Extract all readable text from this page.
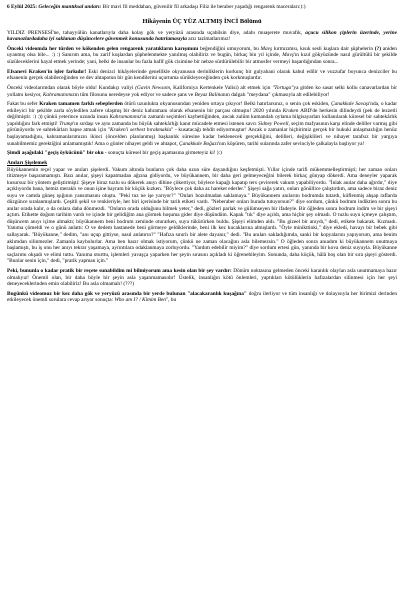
6 Eylül 2025: Geleceğin mantıksal anıları: Bir mavi fil meddahan, güvenilir fil arkadaşı Filiz ile beraber yaşadığı rengarenk maceraları:):)

Hikâyenin ÜÇ YÜZ ALTMIŞ İNCİ Bölümü

YILDIZ PRENSESİ'ne, tahayyülün kanatlarıyla daha kolay gök ve yeryüzü arasında uçabilsin diye, adabı muaşerete muvafık, açucu silikon çiplerin üzerinde, yerine kavanozlardadaha iyi saklanan düşüncelere güvenmek konusunda hatırlamasıyla arzı tazimatlarımız!

Önceki videomda her türden ve kökenden gelen rengarenk yaratıkların karışımını beğendiğini umuyorum, bu Mavş kırmızımsı, kısık sesli kuşlara dair şüphelerin (?) aniden uyanmış olsa bile... :) :) Sanırım ama, bu zarif kuşlardan şüphelenmekte yanılmış olabiliriz ve bugün, birkaç bin yıl içinde, Mavş'ın kızıl gökyüzünde nasıl gürültülü bir şekilde süzüleceklerini hayal etmek yerinde; yani, belki de insanlar bu fazla hafif gök cisimine bir nebze sürdürülebilir bir atmosfer vermeyi başardığından sonra...

Efsanevi Kraken'in işler farkıdır! Eski denizci hikâyelerinde genellikle okyanusun derinliklerin korkunç bir gulyabani olarak kabul edilir ve vuzzufar boyunca denizciler bu efsanenin gerçek olabileceğinden ve dev ahtapotun bir gün kendilerini uçurtuma sürükleyeceğinden çok korkmuşlardır.

Önceki videolarımdan olarak böyle oldu! Kundakçı valiyi (Gavin Newsom, Kaliforniya Kertenkele Valisi) alt etmek için "Tortuga"ya gitden ko sasat selki kollu canavarlardan bir yollamı kesiyor, Kahramanımızın tüm filosunu neredeyse yok ediyor ve sadece şans ve Beyaz Balinanın dalgalı "meydana" çıkmasıyla alt edilebiliyor!

Fakat bu sefer Kraken tamamen farklı sebeplerden ötürü uzunlukta okyanusundan yeniden ortaya çıkıyor! Belki hatırlarsınız, o senin çok eskiden, Çanakkale Savaşı'nda, o kadar etkileyici bir şekilde zarla söyledilen zafere ulaşmış bir deniz kahramanı olarak efsanenin bir parçası olmuştu! 2020 yılında Kraken ABD'de herkesin dilindeydi (pek de lezzetli değilmiştir. :) :)) çünkü yeterince uzunda insan Kahramanımız'ın zamanlı seçimleri kaybettiğinden, ancak zulüm kumandalı oylama bilgisayarları kullanılarak küresel bir sahtekârlık yapıldığını fark etmişti! Trump'ın sırdaşı ve aynı zamanda bu büyük sahtekârlığı kanıt mücadele etmesi istenen savcı Sidney Powell, seçim mafyasının karşı elinde deliller varmış gibi görünüyordu ve sahtekârları hapse atmak için "Kraken'i serbest bırakmakla" - kusatacağı tehdit ediyormuştur! Ancak o zamanlar hiçbirimiz gerçek bir hukuki anlaşmazlığın henüz başlayamadığını, kahramanlarımızın ikinci (öncelden planlanmış) başkanlık süresine kadar beklenecek gerçekliğini, delilleri, değişiklileri ve nihayet tarafsız bir yargıya sunabilmemiz gerektiğini anlamamıştık! Ama o günler nihayet geldi ve ahtapot, Çanakkale Boğazı'nın köpüren, tarihi sularında zafer sevinciyle çalkalayla başlıyor ya!

Şimdi aşağıdaki "geçiş öykücünü" bir oku - sonuçta küresel bir geçiş aşamasına girmeteyiz ki! ):)

Anıları Şişelemek

Büyükannenin reçel yapar ve anıları şişelerdi. Vakum altında bunların çok daha uzun süre dayandığını keşfetmişti. Yıllar içinde tarifi mükemmelleştirmişti; her zaman onları titizmeye başaramamıştı. Bazı anılar, şişeyi kapatmadan ağzına gidiyordu, ve büyükannem, bir daha geri gelmeyeceğini bilerek birkaç günyap dökerdi. Ama deneyler yaparak kusursuz bir yöntem geliştirmişti: Şişeye biraz tuzlu su dökerek anıyı dibine çökertiyor, böylece kapağı kapatıp ters çevirerek vakum yapabiliyordu. "İnlak anılar daha ağırdır," diye açıklıyordu bana, hemiz meraklı ve onun işine bayram bir küçük kızken. "Böylece çok daha az hareket ederler." Şişeyi sağa yatırı, onları gönüllice çalıştırdım, ama sadece biraz deniz suyu ve camda güneş ışığının yansımasını oluştu. "Peki tuz ne işe yarıyor?" "Onları bozulmadan saklamaya." Büyükannem anılarını bodrumda tutardı, küflenmiş ahşap raflarda düzgünce sıralanmışlardı. Çeşitli şekil ve renkleriyle, her biri içerisinde bir tarih etiketi vardı. "Neberaber onları burada tutuyorsun?" diye sordum, çünkü bodrum indiktien sonra bu anılar orada kalır, o da onlara daha dönmezdi. "Onların orada olduğunu bilmek yeter," dedi, gözleri parlak ve gülümseyen bir ifadeyle. Bir öğleden sonra bodrum indim ve bir şişeyi açtım. Etikette doğum tarihim vardı ve içinde bir gelidiğim ana görmek hoşuma gider diye düşündüm. Kapak "tık" diye açıldı, ama hiçbir şey olmadı. O tuzlu suyu içmeye çalıştım, düşüncem anıyı içime almaktı; büyükannem beni bodrum zeminde oturarken, suyu tükürürken buldu. Şişeyi elimden aldı. "Bu gizeel bir anıydı," dedi, etikete bakarak. Kızmadı. Yanıma çömeldi ve o günü anlattı: O ve dedem hastanede beni görmeye geldiklerinde, beni ilk kez kucaklarına almışlardı. "Öyle minikttinki," diye ekledi, havayı bir bebek gibi sallayarak. "Büyükanne," dedim, "anı uçup gittiyse, nasıl anlatırın?" "Hafıza sınırlı bir alete dayanır," dedi. "Bu anıları sakladığımda, sanki bir kopyalarını yapıyorum, ama benim aklımdan silinmezler. Zamanla kaybolurlar. Ama ben hazır olmak istiyorum, çünkü ne zaman olacağını asla bilemezsin." O öğleden sonra anıadım ki büyükannem unutmaya başlamıştı, bu iş onu her anıyı tekrar yaşamaya, ayrıntılara odaklanmaya zorluyordu. "Yardım edebilir miyim?" diye sordum ertesi gün, yanında bir kova deniz suyuyla. Büyükanne saçlarımı okşadı ve elimi tuttu. Yanıma oturttu, işlemleri yavaşça yaparken her şeyin sırasını açıkladı ki öğrenebileyim. Sonunda, daha küçük, hâlâ boş olan bir sıra şişeyi gösterdi. "Bunlar senin için," dedi, "pratik yapman için."

Peki, bununla o kadar pratik bir reçete sunabildim mi bilmiyorum ama kesin olan bir şey vardır: Dönüm noktasına gelmeden önceki karanlık olaylan asla unutmamaya hazır olmalıyız! Önemli olan, bir daha böyle bir şeyin asla yaşanmamasıdır! Üstelik, insanlığın kötü önlemleri, yaptıkları kötülüklerin hafızalardan silinmesi için her şeyi deneyeceklerinden emin olabiliriz! Bu asla olmamalı! (???)

Bugünkü videomuz bir kez daha gök ve yeryüzü arasında bir yerde bulunan "alacakaranlık kuşağına" doğru ilerliyor ve tüm insanlığı ve dolayısıyla her birimizi derinden etkileyecek önemli sorulara cevap arıyor sonuçta: Who am I? / Kimim Ben", bu
